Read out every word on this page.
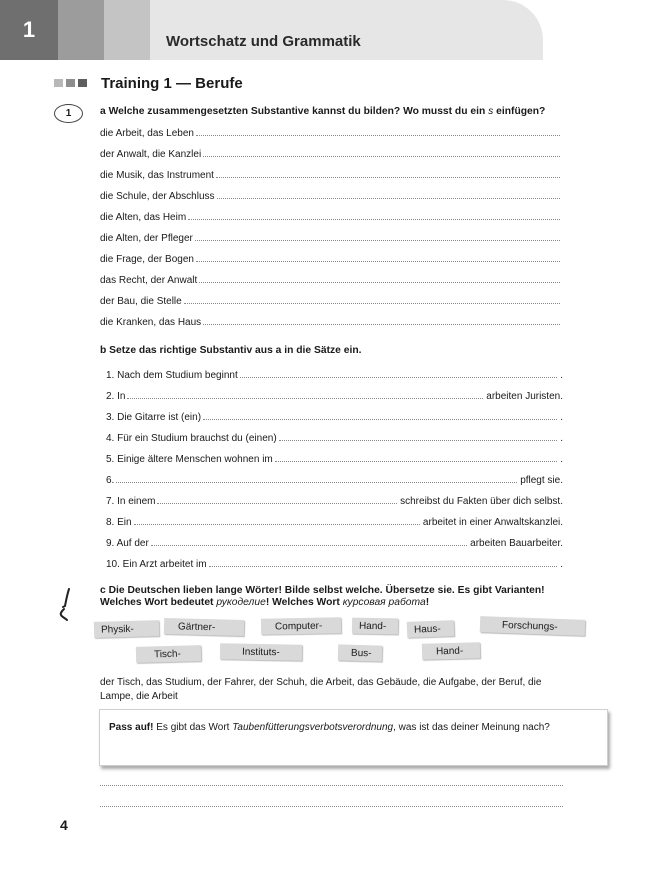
1	Wortschatz und Grammatik
Training 1 — Berufe
1	a Welche zusammengesetzten Substantive kannst du bilden? Wo musst du ein s einfügen?
die Arbeit, das Leben
der Anwalt, die Kanzlei
die Musik, das Instrument
die Schule, der Abschluss
die Alten, das Heim
die Alten, der Pfleger
die Frage, der Bogen
das Recht, der Anwalt
der Bau, die Stelle
die Kranken, das Haus
b Setze das richtige Substantiv aus a in die Sätze ein.
1. Nach dem Studium beginnt	.
2. In	arbeiten Juristen.
3. Die Gitarre ist (ein)	.
4. Für ein Studium brauchst du (einen)	.
5. Einige ältere Menschen wohnen im	.
6.	pflegt sie.
7. In einem	schreibst du Fakten über dich selbst.
8. Ein	arbeitet in einer Anwaltskanzlei.
9. Auf der	arbeiten Bauarbeiter.
10. Ein Arzt arbeitet im	.
c Die Deutschen lieben lange Wörter! Bilde selbst welche. Übersetze sie. Es gibt Varianten!
Welches Wort bedeutet рукоделие! Welches Wort курсовая работа!
Physik-	Gärtner-	Computer-	Hand-	Haus-	Forschungs-
Tisch-	Instituts-	Bus-	Hand-
der Tisch, das Studium, der Fahrer, der Schuh, die Arbeit, das Gebäude, die Aufgabe, der Beruf, die Lampe, die Arbeit
Pass auf! Es gibt das Wort Taubenfütterungsverbotsverordnung, was ist das deiner Meinung nach?
4
